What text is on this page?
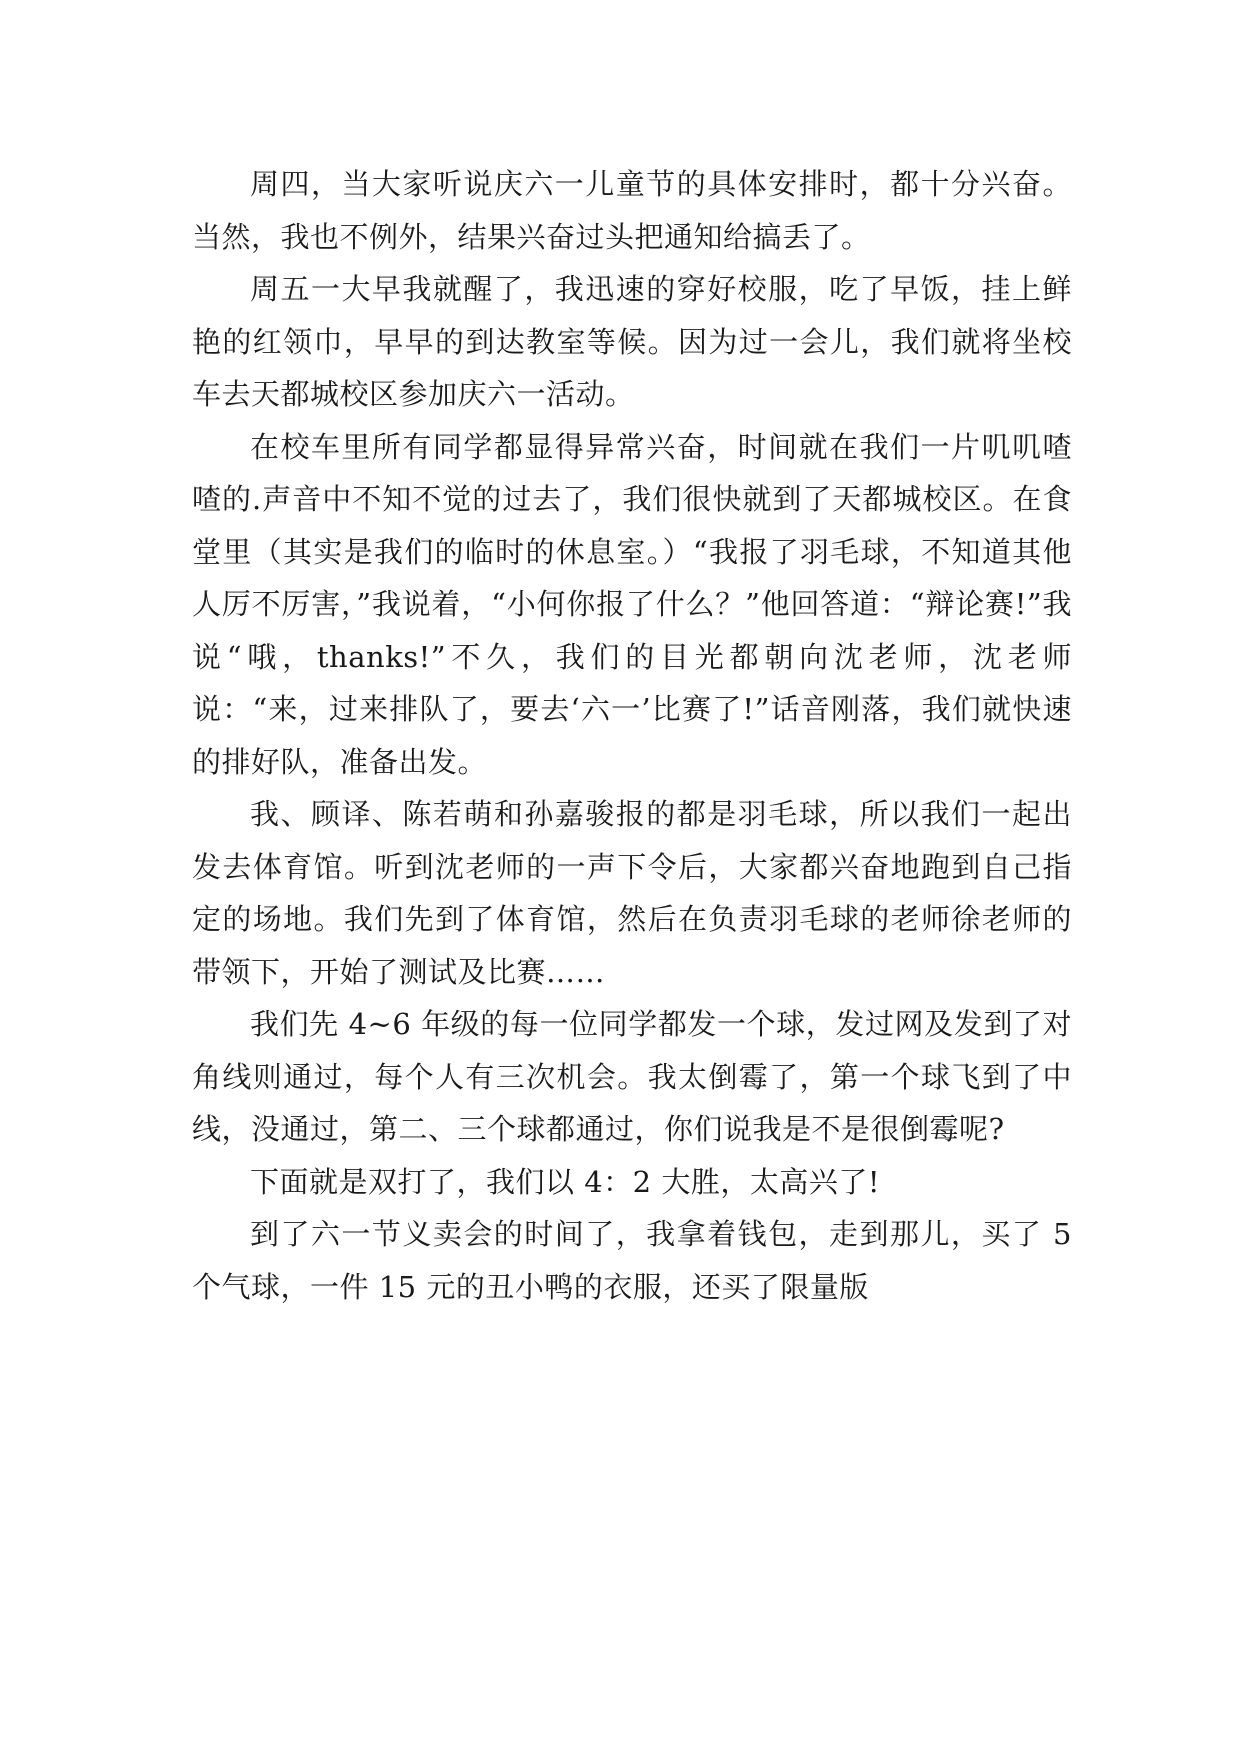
周四，当大家听说庆六一儿童节的具体安排时，都十分兴奋。当然，我也不例外，结果兴奋过头把通知给搞丢了。

周五一大早我就醒了，我迅速的穿好校服，吃了早饭，挂上鲜艳的红领巾，早早的到达教室等候。因为过一会儿，我们就将坐校车去天都城校区参加庆六一活动。

在校车里所有同学都显得异常兴奋，时间就在我们一片叽叽喳喳的.声音中不知不觉的过去了，我们很快就到了天都城校区。在食堂里（其实是我们的临时的休息室。）“我报了羽毛球，不知道其他人厉不厉害，”我说着，“小何你报了什么？”他回答道：“辩论赛!”我说“哦，thanks!”不久，我们的目光都朝向沈老师，沈老师说：“来，过来排队了，要去‘六一’比赛了!”话音刚落，我们就快速的排好队，准备出发。

我、顾译、陈若萌和孙嘉骏报的都是羽毛球，所以我们一起出发去体育馆。听到沈老师的一声下令后，大家都兴奋地跑到自己指定的场地。我们先到了体育馆，然后在负责羽毛球的老师徐老师的带领下，开始了测试及比赛……

我们先 4~6 年级的每一位同学都发一个球，发过网及发到了对角线则通过，每个人有三次机会。我太倒霉了，第一个球飞到了中线，没通过，第二、三个球都通过，你们说我是不是很倒霉呢?

下面就是双打了，我们以 4：2 大胜，太高兴了!

到了六一节义卖会的时间了，我拿着钱包，走到那儿，买了 5 个气球，一件 15 元的丑小鸭的衣服，还买了限量版
